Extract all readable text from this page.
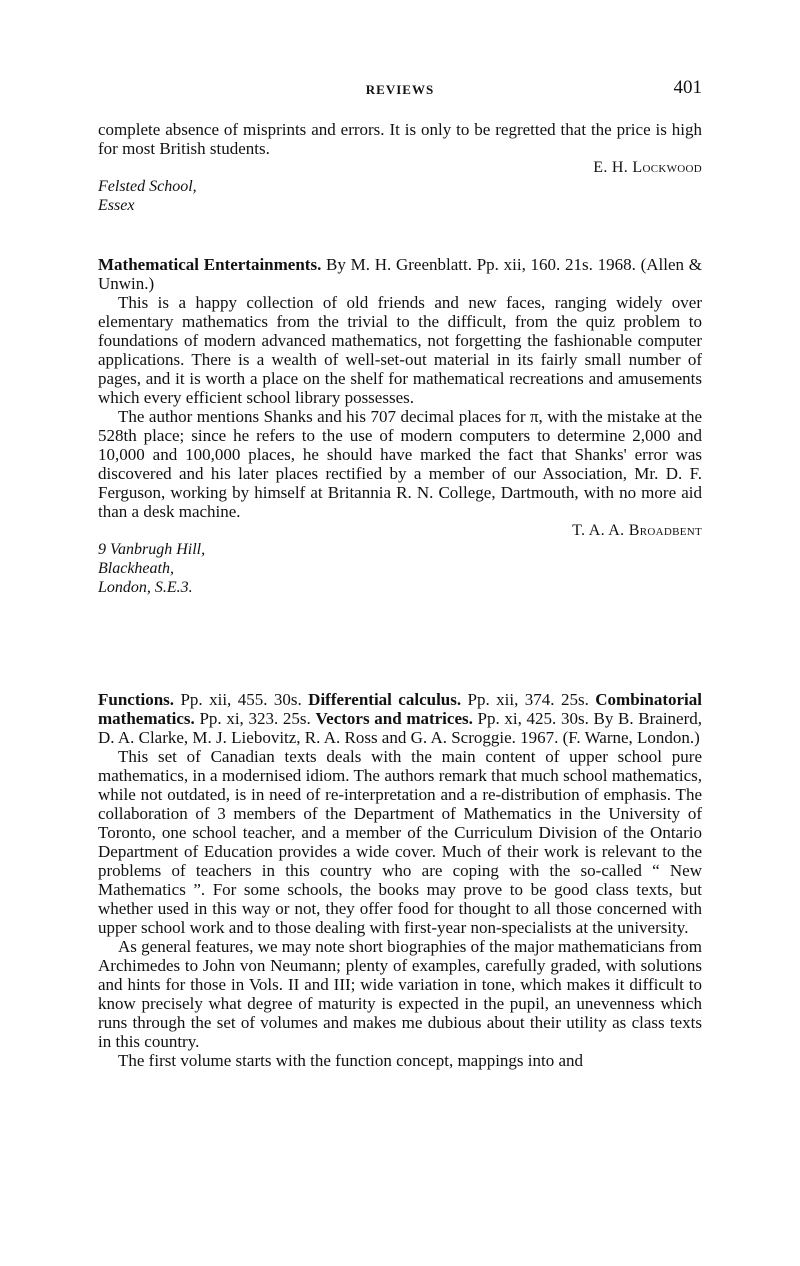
REVIEWS	401

complete absence of misprints and errors. It is only to be regretted that the price is high for most British students.

E. H. Lockwood
Felsted School,
Essex

Mathematical Entertainments. By M. H. Greenblatt. Pp. xii, 160. 21s. 1968. (Allen & Unwin.)

This is a happy collection of old friends and new faces, ranging widely over elementary mathematics from the trivial to the difficult, from the quiz problem to foundations of modern advanced mathematics, not forgetting the fashionable computer applications. There is a wealth of well-set-out material in its fairly small number of pages, and it is worth a place on the shelf for mathematical recreations and amusements which every efficient school library possesses.

The author mentions Shanks and his 707 decimal places for π, with the mistake at the 528th place; since he refers to the use of modern computers to determine 2,000 and 10,000 and 100,000 places, he should have marked the fact that Shanks' error was discovered and his later places rectified by a member of our Association, Mr. D. F. Ferguson, working by himself at Britannia R. N. College, Dartmouth, with no more aid than a desk machine.

T. A. A. Broadbent
9 Vanbrugh Hill,
Blackheath,
London, S.E.3.

Functions. Pp. xii, 455. 30s. Differential calculus. Pp. xii, 374. 25s. Combinatorial mathematics. Pp. xi, 323. 25s. Vectors and matrices. Pp. xi, 425. 30s. By B. Brainerd, D. A. Clarke, M. J. Liebovitz, R. A. Ross and G. A. Scroggie. 1967. (F. Warne, London.)

This set of Canadian texts deals with the main content of upper school pure mathematics, in a modernised idiom. The authors remark that much school mathematics, while not outdated, is in need of re-interpretation and a re-distribution of emphasis. The collaboration of 3 members of the Department of Mathematics in the University of Toronto, one school teacher, and a member of the Curriculum Division of the Ontario Department of Education provides a wide cover. Much of their work is relevant to the problems of teachers in this country who are coping with the so-called “ New Mathematics ”. For some schools, the books may prove to be good class texts, but whether used in this way or not, they offer food for thought to all those concerned with upper school work and to those dealing with first-year non-specialists at the university.

As general features, we may note short biographies of the major mathematicians from Archimedes to John von Neumann; plenty of examples, carefully graded, with solutions and hints for those in Vols. II and III; wide variation in tone, which makes it difficult to know precisely what degree of maturity is expected in the pupil, an unevenness which runs through the set of volumes and makes me dubious about their utility as class texts in this country.

The first volume starts with the function concept, mappings into and
